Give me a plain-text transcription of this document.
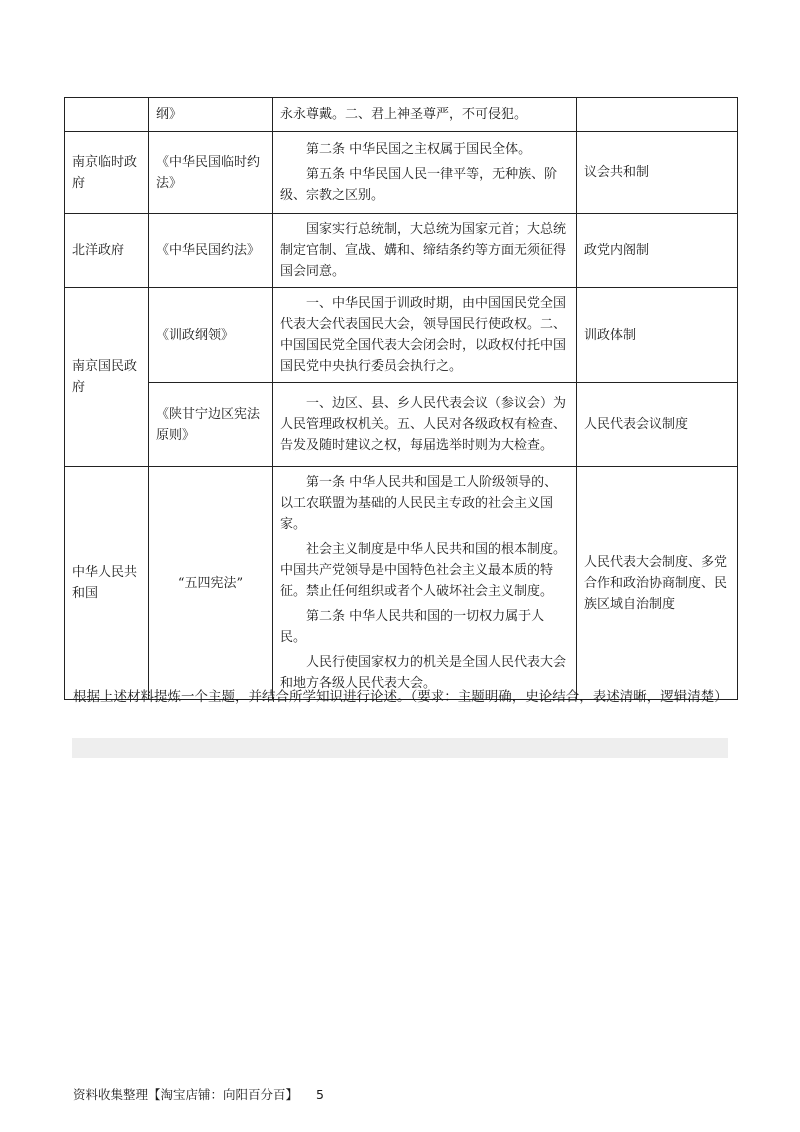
	纲》	永永尊戴。二、君上神圣尊严，不可侵犯。	
南京临时政府	《中华民国临时约法》	第二条 中华民国之主权属于国民全体。

第五条 中华民国人民一律平等，无种族、阶级、宗教之区别。	议会共和制
北洋政府	《中华民国约法》	国家实行总统制，大总统为国家元首；大总统制定官制、宣战、媾和、缔结条约等方面无须征得国会同意。	政党内阁制
南京国民政府	《训政纲领》	一、中华民国于训政时期，由中国国民党全国代表大会代表国民大会，领导国民行使政权。二、中国国民党全国代表大会闭会时，以政权付托中国国民党中央执行委员会执行之。	训政体制
	《陕甘宁边区宪法原则》	一、边区、县、乡人民代表会议（参议会）为人民管理政权机关。五、人民对各级政权有检查、告发及随时建议之权，每届选举时则为大检查。	人民代表会议制度
中华人民共和国	“五四宪法”	第一条 中华人民共和国是工人阶级领导的、以工农联盟为基础的人民民主专政的社会主义国家。

社会主义制度是中华人民共和国的根本制度。中国共产党领导是中国特色社会主义最本质的特征。禁止任何组织或者个人破坏社会主义制度。

第二条 中华人民共和国的一切权力属于人民。

人民行使国家权力的机关是全国人民代表大会和地方各级人民代表大会。	人民代表大会制度、多党合作和政治协商制度、民族区域自治制度
根据上述材料提炼一个主题，并结合所学知识进行论述。（要求：主题明确，史论结合，表述清晰，逻辑清楚）
资料收集整理【淘宝店铺：向阳百分百】 5
